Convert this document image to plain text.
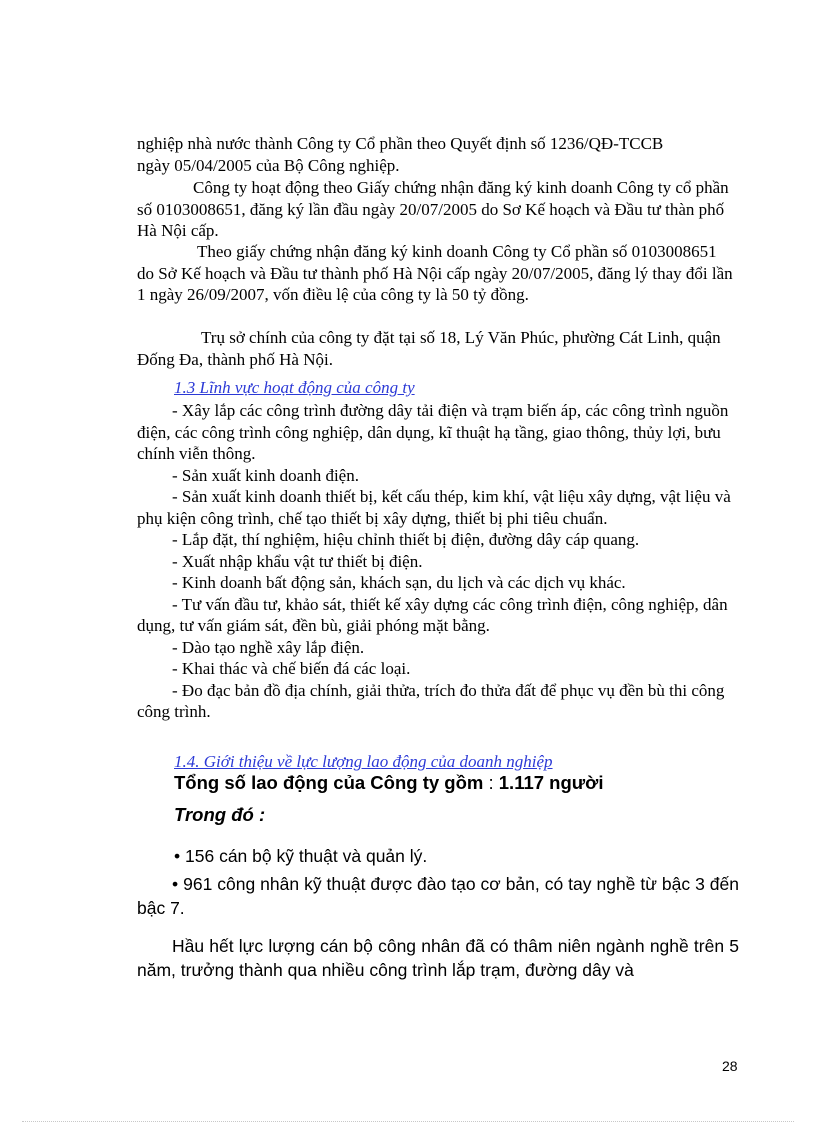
nghiệp nhà nước thành Công ty Cổ phần theo Quyết định số 1236/QĐ-TCCB

ngày 05/04/2005 của Bộ Công nghiệp.

Công ty hoạt động theo Giấy chứng nhận đăng ký kinh doanh Công ty cổ phần số 0103008651, đăng ký lần đầu ngày 20/07/2005 do Sơ Kế hoạch và Đầu tư thàn phố Hà Nội cấp.

Theo giấy chứng nhận đăng ký kinh doanh Công ty Cổ phần số 0103008651 do Sở Kế hoạch và Đầu tư thành phố Hà Nội cấp ngày 20/07/2005, đăng lý thay đổi lần 1 ngày 26/09/2007, vốn điều lệ của công ty là 50 tỷ đồng.

Trụ sở chính của công ty đặt tại số 18, Lý Văn Phúc, phường Cát Linh, quận Đống Đa, thành phố Hà Nội.

1.3 Lĩnh vực hoạt động của công ty

- Xây lắp các công trình đường dây tải điện và trạm biến áp, các công trình nguồn điện, các công trình công nghiệp, dân dụng, kĩ thuật hạ tầng, giao thông, thủy lợi, bưu chính viễn thông.

- Sản xuất kinh doanh điện.

- Sản xuất kinh doanh thiết bị, kết cấu thép, kim khí, vật liệu xây dựng, vật liệu và phụ kiện công trình, chế tạo thiết bị xây dựng, thiết bị phi tiêu chuẩn.

- Lắp đặt, thí nghiệm, hiệu chỉnh thiết bị điện, đường dây cáp quang.

- Xuất nhập khẩu vật tư thiết bị điện.

- Kinh doanh bất động sản, khách sạn, du lịch và các dịch vụ khác.

- Tư vấn đầu tư, khảo sát, thiết kế xây dựng các công trình điện, công nghiệp, dân dụng, tư vấn giám sát, đền bù, giải phóng mặt bằng.

- Dào tạo nghề xây lắp điện.

- Khai thác và chế biến đá các loại.

- Đo đạc bản đồ địa chính, giải thửa, trích đo thửa đất để phục vụ đền bù thi công công trình.

1.4. Giới thiệu về lực lượng lao động của doanh nghiệp

Tổng số lao động của Công ty gồm : 1.117 người

Trong đó :

• 156 cán bộ kỹ thuật và quản lý.

• 961 công nhân kỹ thuật được đào tạo cơ bản, có tay nghề từ bậc 3 đến bậc 7.

Hầu hết lực lượng cán bộ công nhân đã có thâm niên ngành nghề trên 5 năm, trưởng thành qua nhiều công trình lắp trạm, đường dây và

28
